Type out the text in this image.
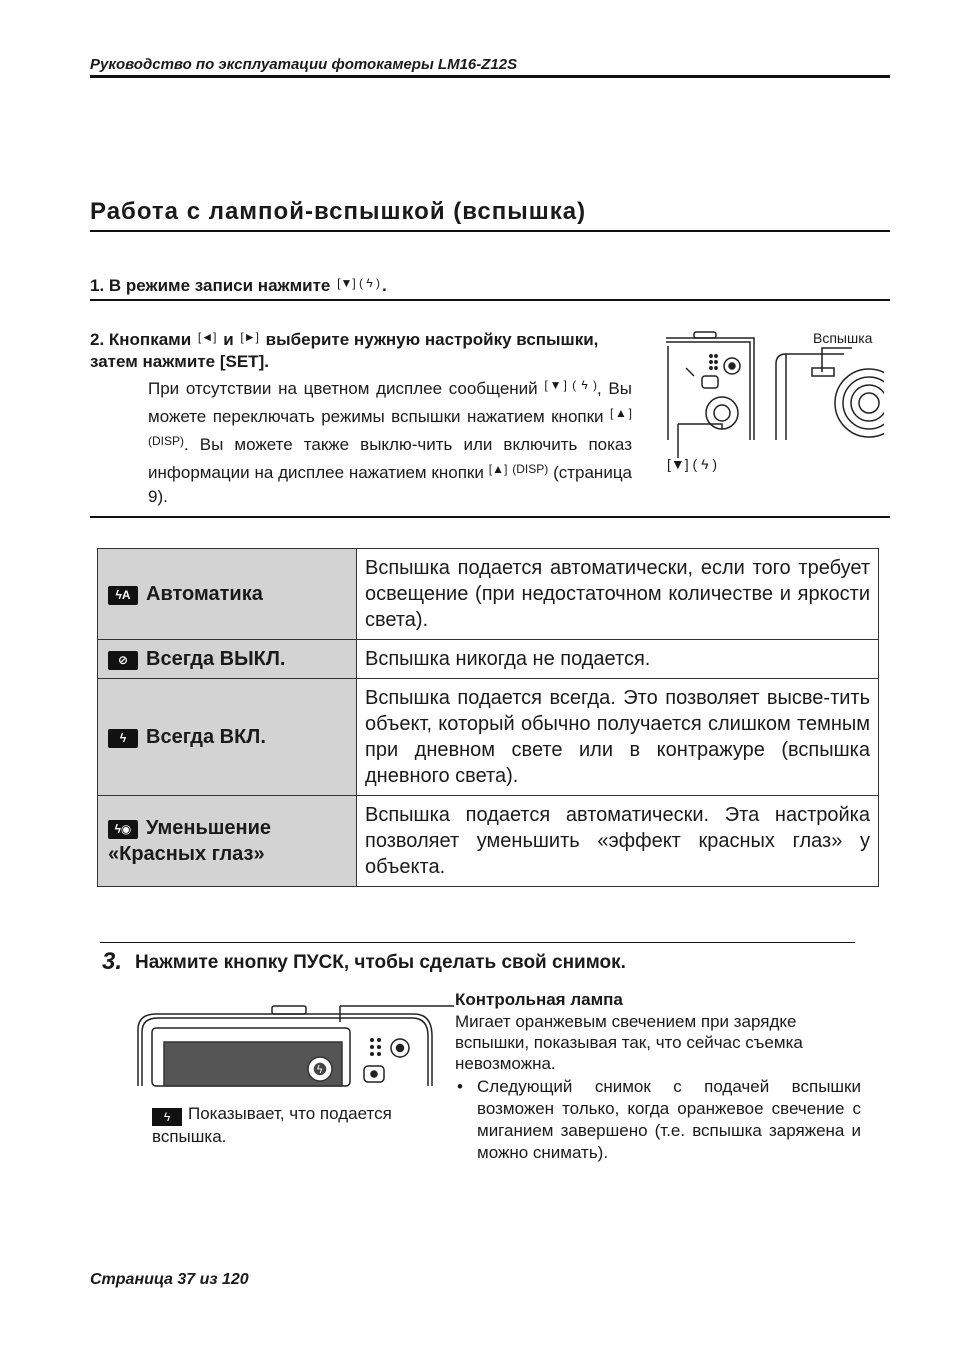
Руководство по эксплуатации фотокамеры LM16-Z12S
Работа с лампой-вспышкой (вспышка)
1. В режиме записи нажмите $^{[▼] ( ϟ )}$ .
2. Кнопками [◄] и [►] выберите нужную настройку вспышки, затем нажмите [SET].
При отсутствии на цветном дисплее сообщений $^{[▼] ( ϟ )}$, Вы можете переключать режимы вспышки нажатием кнопки [▲] $^{(DISP)}$. Вы можете также выклю-чить или включить показ информации на дисплее нажатием кнопки [▲] $^{(DISP)}$ (страница 9).
Вспышка
[▼] ( ϟ )
ϟA Автоматика	Вспышка подается автоматически, если того требует освещение (при недостаточном количестве и яркости света).
⊘ Всегда ВЫКЛ.	Вспышка никогда не подается.
ϟ Всегда ВКЛ.	Вспышка подается всегда. Это позволяет высве-тить объект, который обычно получается слишком темным при дневном свете или в контражуре (вспышка дневного света).
ϟ◉ Уменьшение «Красных глаз»	Вспышка подается автоматически. Эта настройка позволяет уменьшить «эффект красных глаз» у объекта.
3. Нажмите кнопку ПУСК, чтобы сделать свой снимок.
ϟ
Контрольная лампа
Мигает оранжевым свечением при зарядке вспышки, показывая так, что сейчас съемка невозможна.
• Следующий снимок с подачей вспышки возможен только, когда оранжевое свечение с миганием завершено (т.е. вспышка заряжена и можно снимать).
ϟ Показывает, что подается вспышка.
Страница 37 из 120
